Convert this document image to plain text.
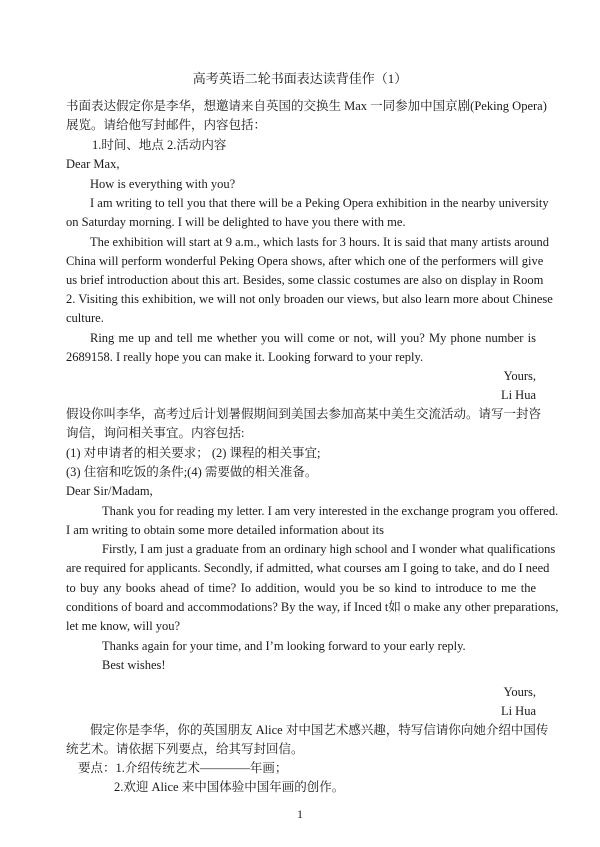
高考英语二轮书面表达读背佳作（1）
书面表达假定你是李华，想邀请来自英国的交换生 Max 一同参加中国京剧(Peking Opera)
展览。请给他写封邮件，内容包括：
1.时间、地点 2.活动内容
Dear Max,
How is everything with you?
I am writing to tell you that there will be a Peking Opera exhibition in the nearby university
on Saturday morning. I will be delighted to have you there with me.
The exhibition will start at 9 a.m., which lasts for 3 hours. It is said that many artists around
China will perform wonderful Peking Opera shows, after which one of the performers will give
us brief introduction about this art. Besides, some classic costumes are also on display in Room
2. Visiting this exhibition, we will not only broaden our views, but also learn more about Chinese
culture.
Ring me up and tell me whether you will come or not, will you? My phone number is
2689158. I really hope you can make it. Looking forward to your reply.
Yours,
Li Hua
假设你叫李华，高考过后计划暑假期间到美国去参加高某中美生交流活动。请写一封咨
询信，询问相关事宜。内容包括:
(1) 对申请者的相关要求； (2) 课程的相关事宜;
(3) 住宿和吃饭的条件;(4) 需要做的相关准备。
Dear Sir/Madam,
Thank you for reading my letter. I am very interested in the exchange program you offered.
I am writing to obtain some more detailed information about its
Firstly, I am just a graduate from an ordinary high school and I wonder what qualifications
are required for applicants. Secondly, if admitted, what courses am I going to take, and do I need
to buy any books ahead of time? Io addition, would you be so kind to introduce to me the
conditions of board and accommodations? By the way, if Inced t如 o make any other preparations,
let me know, will you?
Thanks again for your time, and I’m looking forward to your early reply.
Best wishes!
Yours,
Li Hua
假定你是李华，你的英国朋友 Alice 对中国艺术感兴趣，特写信请你向她介绍中国传
统艺术。请依据下列要点，给其写封回信。
要点：1.介绍传统艺术————年画；
2.欢迎 Alice 来中国体验中国年画的创作。
1
